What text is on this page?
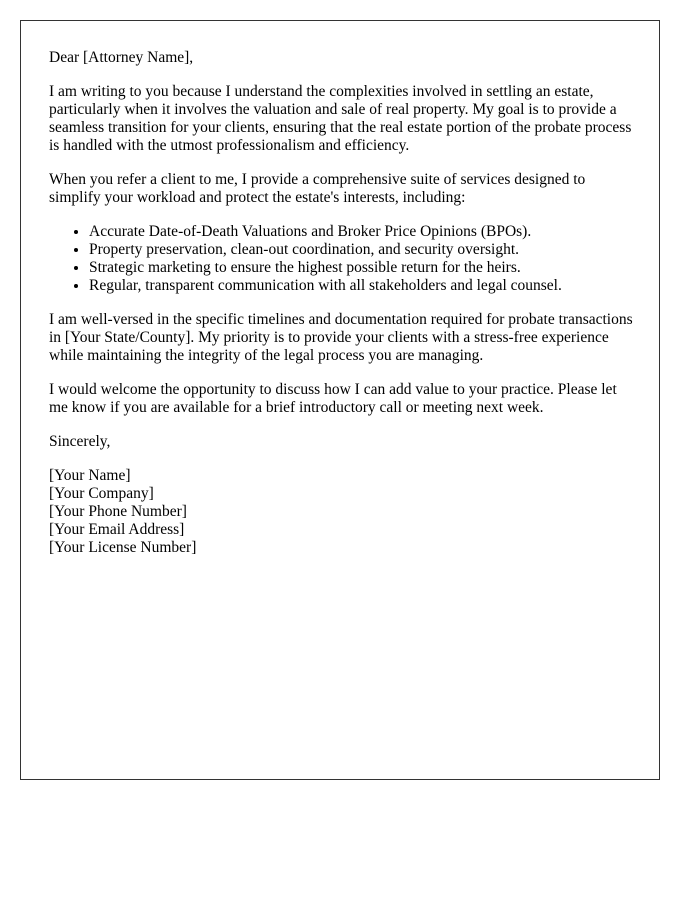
Dear [Attorney Name],

I am writing to you because I understand the complexities involved in settling an estate, particularly when it involves the valuation and sale of real property. My goal is to provide a seamless transition for your clients, ensuring that the real estate portion of the probate process is handled with the utmost professionalism and efficiency.

When you refer a client to me, I provide a comprehensive suite of services designed to simplify your workload and protect the estate's interests, including:

• Accurate Date-of-Death Valuations and Broker Price Opinions (BPOs).
• Property preservation, clean-out coordination, and security oversight.
• Strategic marketing to ensure the highest possible return for the heirs.
• Regular, transparent communication with all stakeholders and legal counsel.

I am well-versed in the specific timelines and documentation required for probate transactions in [Your State/County]. My priority is to provide your clients with a stress-free experience while maintaining the integrity of the legal process you are managing.

I would welcome the opportunity to discuss how I can add value to your practice. Please let me know if you are available for a brief introductory call or meeting next week.

Sincerely,

[Your Name]
[Your Company]
[Your Phone Number]
[Your Email Address]
[Your License Number]
